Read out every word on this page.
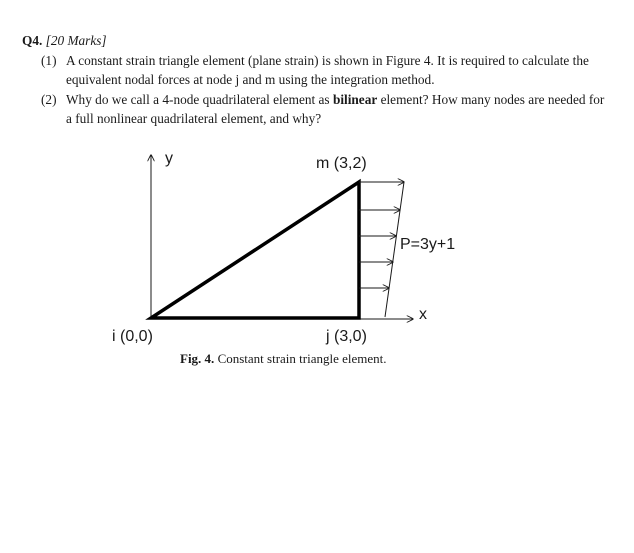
Q4. [20 Marks]

(1) A constant strain triangle element (plane strain) is shown in Figure 4. It is required to calculate the equivalent nodal forces at node j and m using the integration method.

(2) Why do we call a 4-node quadrilateral element as bilinear element? How many nodes are needed for a full nonlinear quadrilateral element, and why?

y
x
P=3y+1
m (3,2)
i (0,0)	j (3,0)
Fig. 4. Constant strain triangle element.
